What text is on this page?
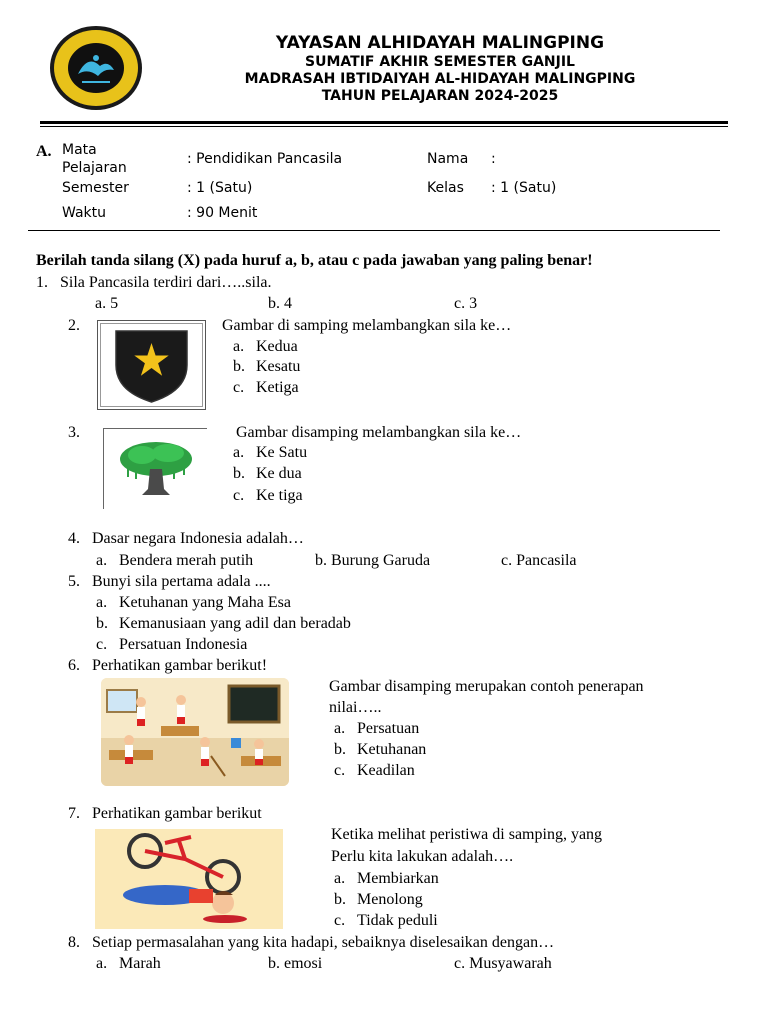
YAYASAN ALHIDAYAH MALINGPING
SUMATIF AKHIR SEMESTER GANJIL
MADRASAH IBTIDAIYAH AL-HIDAYAH MALINGPING
TAHUN PELAJARAN 2024-2025
A. Mata
Pelajaran
: Pendidikan Pancasila	Nama :
Semester	: 1 (Satu)	Kelas : 1 (Satu)
Waktu	: 90 Menit
Berilah tanda silang (X) pada huruf a, b, atau c pada jawaban yang paling benar!
1. Sila Pancasila terdiri dari…..sila.
a. 5	b. 4	c. 3
2.	Gambar di samping melambangkan sila ke…
a. Kedua
b. Kesatu
c. Ketiga
3.	Gambar disamping melambangkan sila ke…
a. Ke Satu
b. Ke dua
c. Ke tiga
4. Dasar negara Indonesia adalah…
a. Bendera merah putih	b. Burung Garuda	c. Pancasila
5. Bunyi sila pertama adala ....
a. Ketuhanan yang Maha Esa
b. Kemanusiaan yang adil dan beradab
c. Persatuan Indonesia
6. Perhatikan gambar berikut!
Gambar disamping merupakan contoh penerapan
nilai…..
a. Persatuan
b. Ketuhanan
c. Keadilan
7. Perhatikan gambar berikut
Ketika melihat peristiwa di samping, yang
Perlu kita lakukan adalah….
a. Membiarkan
b. Menolong
c. Tidak peduli
8. Setiap permasalahan yang kita hadapi, sebaiknya diselesaikan dengan…
a. Marah	b. emosi	c. Musyawarah
